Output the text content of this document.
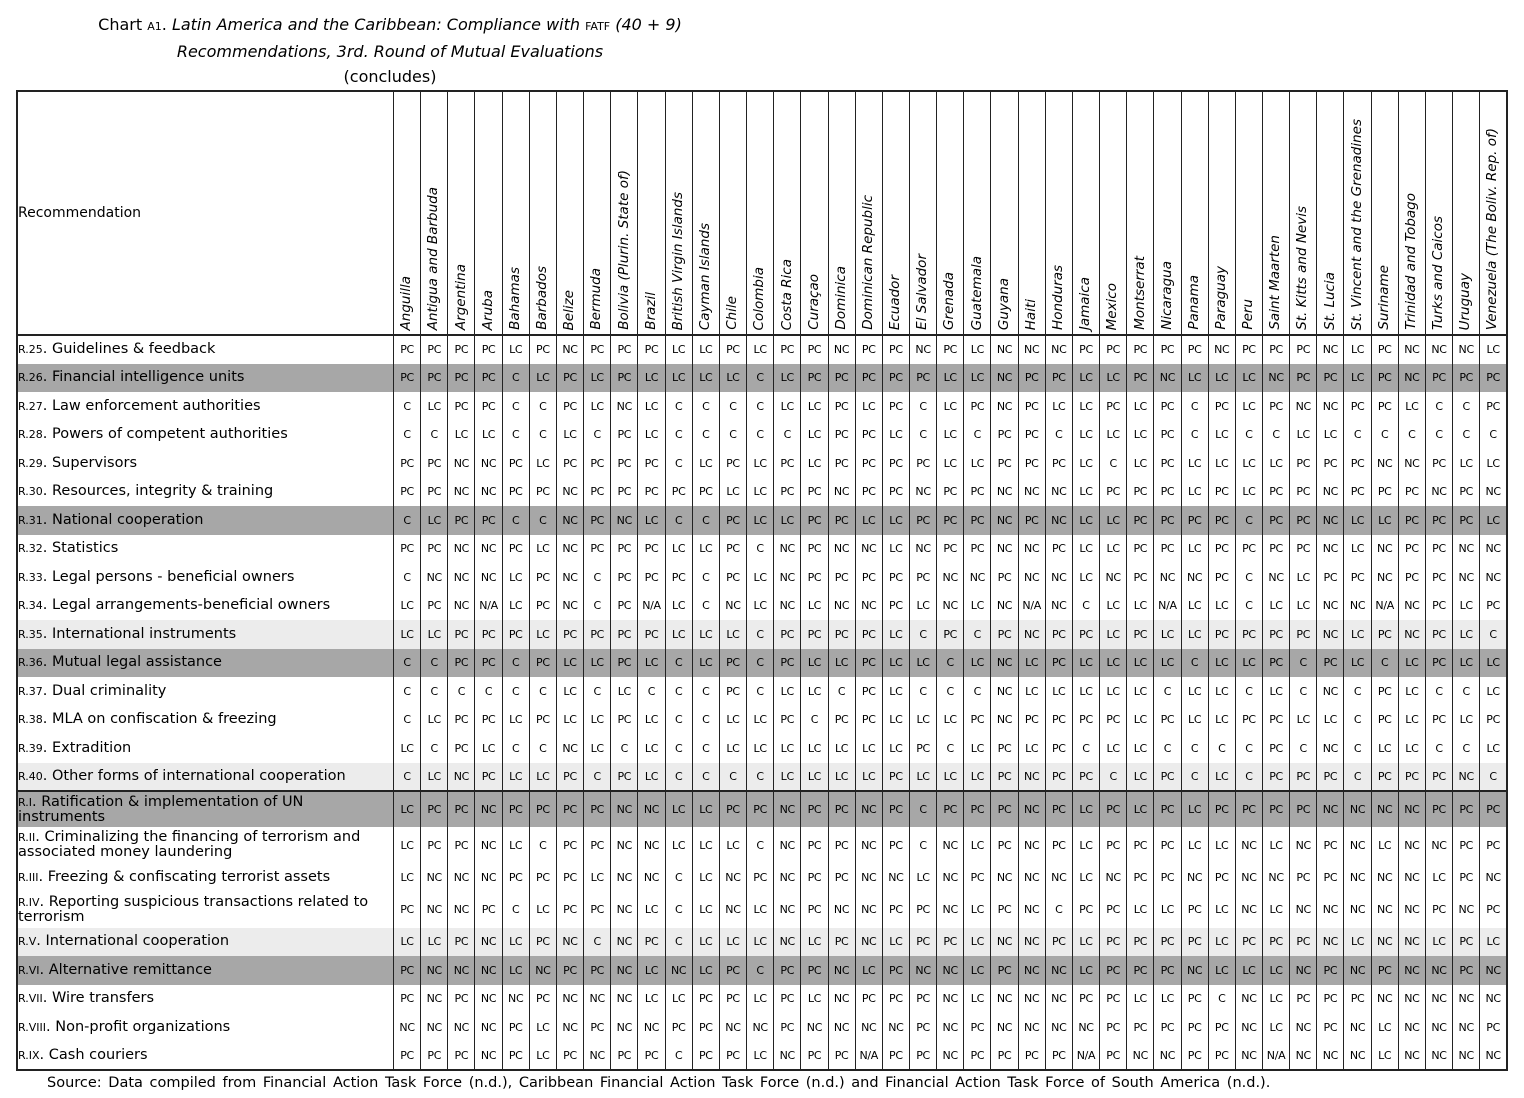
Chart A1. Latin America and the Caribbean: Compliance with FATF (40 + 9)
Recommendations, 3rd. Round of Mutual Evaluations
(concludes)
Recommendation	Anguilla	Antigua and Barbuda	Argentina	Aruba	Bahamas	Barbados	Belize	Bermuda	Bolivia (Plurin. State of)	Brazil	British Virgin Islands	Cayman Islands	Chile	Colombia	Costa Rica	Curaçao	Dominica	Dominican Republic	Ecuador	El Salvador	Grenada	Guatemala	Guyana	Haiti	Honduras	Jamaica	Mexico	Montserrat	Nicaragua	Panama	Paraguay	Peru	Saint Maarten	St. Kitts and Nevis	St. Lucia	St. Vincent and the Grenadines	Suriname	Trinidad and Tobago	Turks and Caicos	Uruguay	Venezuela (The Boliv. Rep. of)
R.25. Guidelines & feedback	PC	PC	PC	PC	LC	PC	NC	PC	PC	PC	LC	LC	PC	LC	PC	PC	NC	PC	PC	NC	PC	LC	NC	NC	NC	PC	PC	PC	PC	PC	NC	PC	PC	PC	NC	LC	PC	NC	NC	NC	LC
R.26. Financial intelligence units	PC	PC	PC	PC	C	LC	PC	LC	PC	LC	LC	LC	LC	C	LC	PC	PC	PC	PC	PC	LC	LC	NC	PC	PC	LC	LC	PC	NC	LC	LC	LC	NC	PC	PC	LC	PC	NC	PC	PC	PC
R.27. Law enforcement authorities	C	LC	PC	PC	C	C	PC	LC	NC	LC	C	C	C	C	LC	LC	PC	LC	PC	C	LC	PC	NC	PC	LC	LC	PC	LC	PC	C	PC	LC	PC	NC	NC	PC	PC	LC	C	C	PC
R.28. Powers of competent authorities	C	C	LC	LC	C	C	LC	C	PC	LC	C	C	C	C	C	LC	PC	PC	LC	C	LC	C	PC	PC	C	LC	LC	LC	PC	C	LC	C	C	LC	LC	C	C	C	C	C	C
R.29. Supervisors	PC	PC	NC	NC	PC	LC	PC	PC	PC	PC	C	LC	PC	LC	PC	LC	PC	PC	PC	PC	LC	LC	PC	PC	PC	LC	C	LC	PC	LC	LC	LC	LC	PC	PC	PC	NC	NC	PC	LC	LC
R.30. Resources, integrity & training	PC	PC	NC	NC	PC	PC	NC	PC	PC	PC	PC	PC	LC	LC	PC	PC	NC	PC	PC	NC	PC	PC	NC	NC	NC	LC	PC	PC	PC	LC	PC	LC	PC	PC	NC	PC	PC	PC	NC	PC	NC
R.31. National cooperation	C	LC	PC	PC	C	C	NC	PC	NC	LC	C	C	PC	LC	LC	PC	PC	LC	LC	PC	PC	PC	NC	PC	NC	LC	LC	PC	PC	PC	PC	C	PC	PC	NC	LC	LC	PC	PC	PC	LC
R.32. Statistics	PC	PC	NC	NC	PC	LC	NC	PC	PC	PC	LC	LC	PC	C	NC	PC	NC	NC	LC	NC	PC	PC	NC	NC	PC	LC	LC	PC	PC	LC	PC	PC	PC	PC	NC	LC	NC	PC	PC	NC	NC
R.33. Legal persons - beneficial owners	C	NC	NC	NC	LC	PC	NC	C	PC	PC	PC	C	PC	LC	NC	PC	PC	PC	PC	PC	NC	NC	PC	NC	NC	LC	NC	PC	NC	NC	PC	C	NC	LC	PC	PC	NC	PC	PC	NC	NC
R.34. Legal arrangements-beneficial owners	LC	PC	NC	N/A	LC	PC	NC	C	PC	N/A	LC	C	NC	LC	NC	LC	NC	NC	PC	LC	NC	LC	NC	N/A	NC	C	LC	LC	N/A	LC	LC	C	LC	LC	NC	NC	N/A	NC	PC	LC	PC
R.35. International instruments	LC	LC	PC	PC	PC	LC	PC	PC	PC	PC	LC	LC	LC	C	PC	PC	PC	PC	LC	C	PC	C	PC	NC	PC	PC	LC	PC	LC	LC	PC	PC	PC	PC	NC	LC	PC	NC	PC	LC	C
R.36. Mutual legal assistance	C	C	PC	PC	C	PC	LC	LC	PC	LC	C	LC	PC	C	PC	LC	LC	PC	LC	LC	C	LC	NC	LC	PC	LC	LC	LC	LC	C	LC	LC	PC	C	PC	LC	C	LC	PC	LC	LC
R.37. Dual criminality	C	C	C	C	C	C	LC	C	LC	C	C	C	PC	C	LC	LC	C	PC	LC	C	C	C	NC	LC	LC	LC	LC	LC	C	LC	LC	C	LC	C	NC	C	PC	LC	C	C	LC
R.38. MLA on confiscation & freezing	C	LC	PC	PC	LC	PC	LC	LC	PC	LC	C	C	LC	LC	PC	C	PC	PC	LC	LC	LC	PC	NC	PC	PC	PC	PC	LC	PC	LC	LC	PC	PC	LC	LC	C	PC	LC	PC	LC	PC
R.39. Extradition	LC	C	PC	LC	C	C	NC	LC	C	LC	C	C	LC	LC	LC	LC	LC	LC	LC	PC	C	LC	PC	LC	PC	C	LC	LC	C	C	C	C	PC	C	NC	C	LC	LC	C	C	LC
R.40. Other forms of international cooperation	C	LC	NC	PC	LC	LC	PC	C	PC	LC	C	C	C	C	LC	LC	LC	LC	PC	LC	LC	LC	PC	NC	PC	PC	C	LC	PC	C	LC	C	PC	PC	PC	C	PC	PC	PC	NC	C
R.I. Ratification & implementation of UN instruments	LC	PC	PC	NC	PC	PC	PC	PC	NC	NC	LC	LC	PC	PC	NC	PC	PC	NC	PC	C	PC	PC	PC	NC	PC	LC	PC	LC	PC	LC	PC	PC	PC	PC	NC	NC	NC	NC	PC	PC	PC
R.II. Criminalizing the financing of terrorism and associated money laundering	LC	PC	PC	NC	LC	C	PC	PC	NC	NC	LC	LC	LC	C	NC	PC	PC	NC	PC	C	NC	LC	PC	NC	PC	LC	PC	PC	PC	LC	LC	NC	LC	NC	PC	NC	LC	NC	NC	PC	PC
R.III. Freezing & confiscating terrorist assets	LC	NC	NC	NC	PC	PC	PC	LC	NC	NC	C	LC	NC	PC	NC	PC	PC	NC	NC	LC	NC	PC	NC	NC	NC	LC	NC	PC	PC	NC	PC	NC	NC	PC	PC	NC	NC	NC	LC	PC	NC
R.IV. Reporting suspicious transactions related to terrorism	PC	NC	NC	PC	C	LC	PC	PC	NC	LC	C	LC	NC	LC	NC	PC	NC	NC	PC	PC	NC	LC	PC	NC	C	PC	PC	LC	LC	PC	LC	NC	LC	NC	NC	NC	NC	NC	PC	NC	PC
R.V. International cooperation	LC	LC	PC	NC	LC	PC	NC	C	NC	PC	C	LC	LC	LC	NC	LC	PC	NC	LC	PC	PC	LC	NC	NC	PC	LC	PC	PC	PC	PC	LC	PC	PC	PC	NC	LC	NC	NC	LC	PC	LC
R.VI. Alternative remittance	PC	NC	NC	NC	LC	NC	PC	PC	NC	LC	NC	LC	PC	C	PC	PC	NC	LC	PC	NC	NC	LC	PC	NC	NC	LC	PC	PC	PC	NC	LC	LC	LC	NC	PC	NC	PC	NC	NC	PC	NC
R.VII. Wire transfers	PC	NC	PC	NC	NC	PC	NC	NC	NC	LC	LC	PC	PC	LC	PC	LC	NC	PC	PC	PC	NC	LC	NC	NC	NC	PC	PC	LC	LC	PC	C	NC	LC	PC	PC	PC	NC	NC	NC	NC	NC
R.VIII. Non-profit organizations	NC	NC	NC	NC	PC	LC	NC	PC	NC	NC	PC	PC	NC	NC	PC	NC	NC	NC	NC	PC	NC	PC	NC	NC	NC	NC	PC	PC	PC	PC	PC	NC	LC	NC	PC	NC	LC	NC	NC	NC	PC
R.IX. Cash couriers	PC	PC	PC	NC	PC	LC	PC	NC	PC	PC	C	PC	PC	LC	NC	PC	PC	N/A	PC	PC	NC	PC	PC	PC	PC	N/A	PC	NC	NC	PC	PC	NC	N/A	NC	NC	NC	LC	NC	NC	NC	NC
Source: Data compiled from Financial Action Task Force (n.d.), Caribbean Financial Action Task Force (n.d.) and Financial Action Task Force of South America (n.d.).
